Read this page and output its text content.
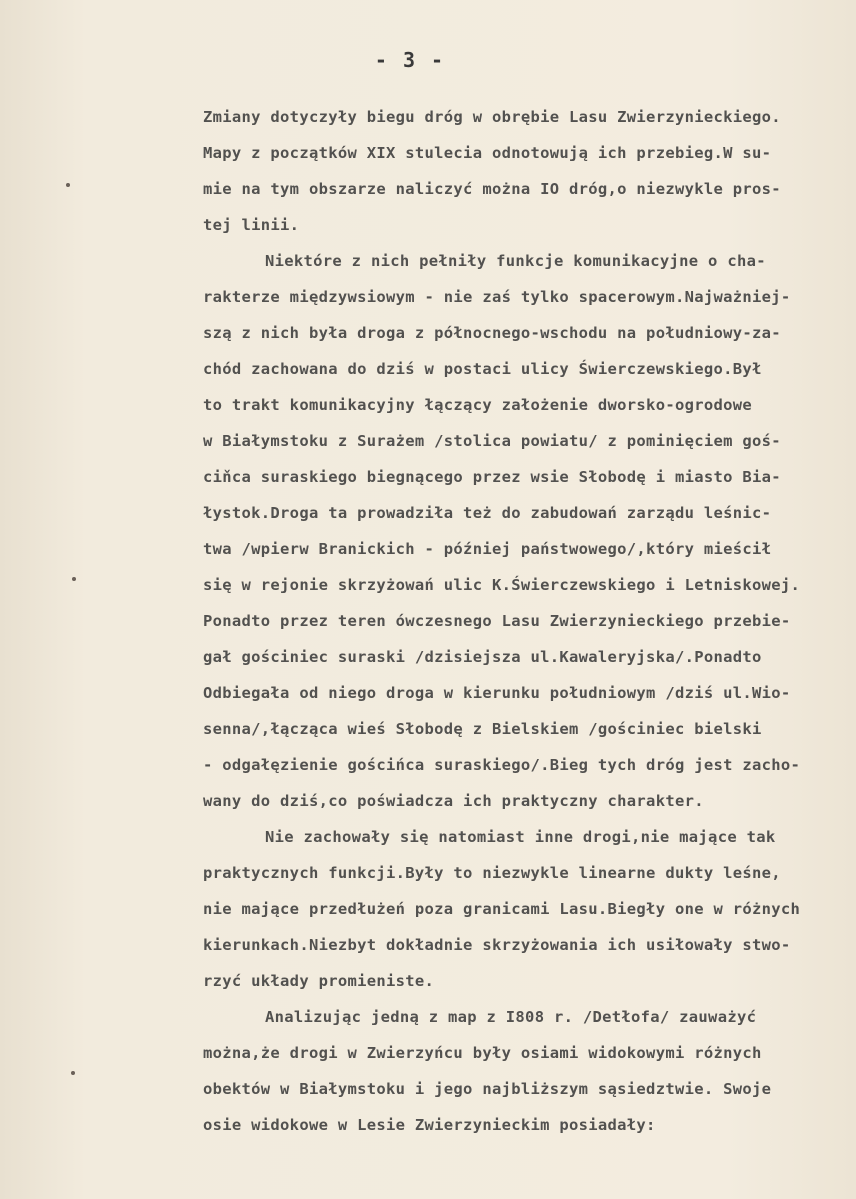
- 3 -
Zmiany dotyczyły biegu dróg w obrębie Lasu Zwierzynieckiego.
Mapy z początków XIX stulecia odnotowują ich przebieg.W su-
mie na tym obszarze naliczyć można IO dróg,o niezwykle pros-
tej linii.
Niektóre z nich pełniły funkcje komunikacyjne o cha-
rakterze międzywsiowym - nie zaś tylko spacerowym.Najważniej-
szą z nich była droga z północnego-wschodu na południowy-za-
chód zachowana do dziś w postaci ulicy Świerczewskiego.Był
to trakt komunikacyjny łączący założenie dworsko-ogrodowe
w Białymstoku z Surażem /stolica powiatu/ z pominięciem goś-
ciňca suraskiego biegnącego przez wsie Słobodę i miasto Bia-
łystok.Droga ta prowadziła też do zabudowań zarządu leśnic-
twa /wpierw Branickich - później państwowego/,który mieścił
się w rejonie skrzyżowań ulic K.Świerczewskiego i Letniskowej.
Ponadto przez teren ówczesnego Lasu Zwierzynieckiego przebie-
gał gościniec suraski /dzisiejsza ul.Kawaleryjska/.Ponadto
Odbiegała od niego droga w kierunku południowym /dziś ul.Wio-
senna/,łącząca wieś Słobodę z Bielskiem /gościniec bielski
- odgałęzienie gościńca suraskiego/.Bieg tych dróg jest zacho-
wany do dziś,co poświadcza ich praktyczny charakter.
Nie zachowały się natomiast inne drogi,nie mające tak
praktycznych funkcji.Były to niezwykle linearne dukty leśne,
nie mające przedłużeń poza granicami Lasu.Biegły one w różnych
kierunkach.Niezbyt dokładnie skrzyżowania ich usiłowały stwo-
rzyć układy promieniste.
Analizując jedną z map z I808 r. /Detłofa/ zauważyć
można,że drogi w Zwierzyńcu były osiami widokowymi różnych
obektów w Białymstoku i jego najbliższym sąsiedztwie. Swoje
osie widokowe w Lesie Zwierzynieckim posiadały:
